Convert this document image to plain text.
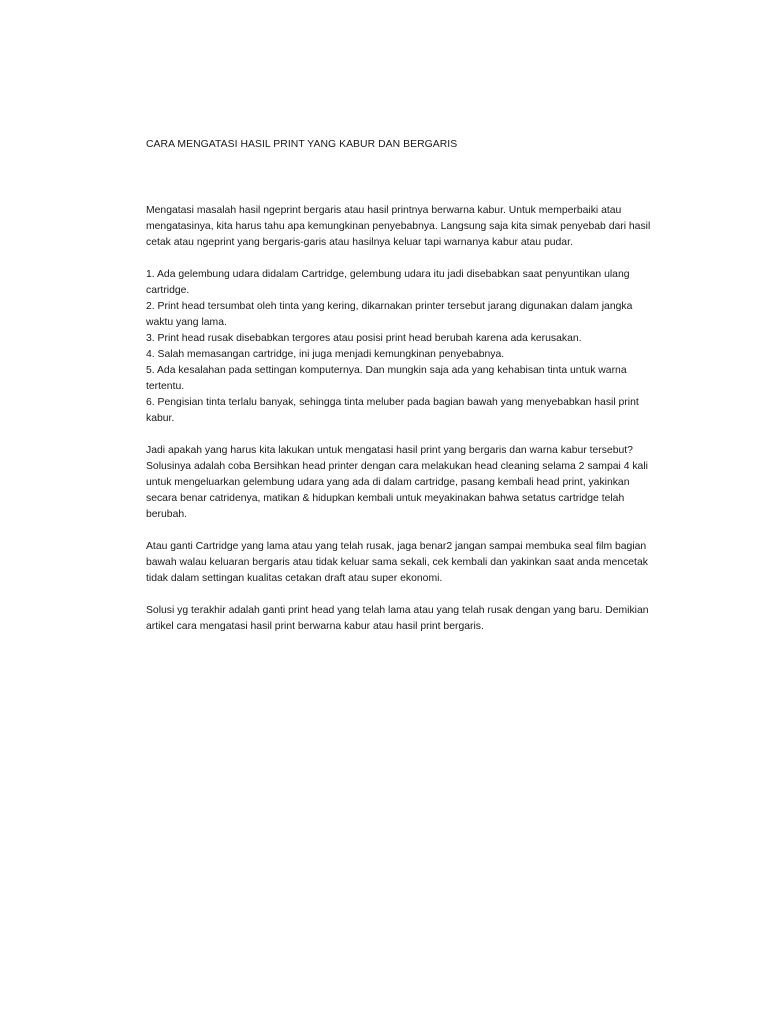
CARA MENGATASI HASIL PRINT YANG KABUR DAN BERGARIS

Mengatasi masalah hasil ngeprint bergaris atau hasil printnya berwarna kabur. Untuk memperbaiki atau mengatasinya, kita harus tahu apa kemungkinan penyebabnya. Langsung saja kita simak penyebab dari hasil cetak atau ngeprint yang bergaris-garis atau hasilnya keluar tapi warnanya kabur atau pudar.

1. Ada gelembung udara didalam Cartridge, gelembung udara itu jadi disebabkan saat penyuntikan ulang cartridge.
2. Print head tersumbat oleh tinta yang kering, dikarnakan printer tersebut jarang digunakan dalam jangka waktu yang lama.
3. Print head rusak disebabkan tergores atau posisi print head berubah karena ada kerusakan.
4. Salah memasangan cartridge, ini juga menjadi kemungkinan penyebabnya.
5. Ada kesalahan pada settingan komputernya. Dan mungkin saja ada yang kehabisan tinta untuk warna tertentu.
6. Pengisian tinta terlalu banyak, sehingga tinta meluber pada bagian bawah yang menyebabkan hasil print kabur.

Jadi apakah yang harus kita lakukan untuk mengatasi hasil print yang bergaris dan warna kabur tersebut? Solusinya adalah coba Bersihkan head printer dengan cara melakukan head cleaning selama 2 sampai 4 kali untuk mengeluarkan gelembung udara yang ada di dalam cartridge, pasang kembali head print, yakinkan secara benar catridenya, matikan & hidupkan kembali untuk meyakinakan bahwa setatus cartridge telah berubah.

Atau ganti Cartridge yang lama atau yang telah rusak, jaga benar2 jangan sampai membuka seal film bagian bawah walau keluaran bergaris atau tidak keluar sama sekali, cek kembali dan yakinkan saat anda mencetak tidak dalam settingan kualitas cetakan draft atau super ekonomi.

Solusi yg terakhir adalah ganti print head yang telah lama atau yang telah rusak dengan yang baru. Demikian artikel cara mengatasi hasil print berwarna kabur atau hasil print bergaris.
